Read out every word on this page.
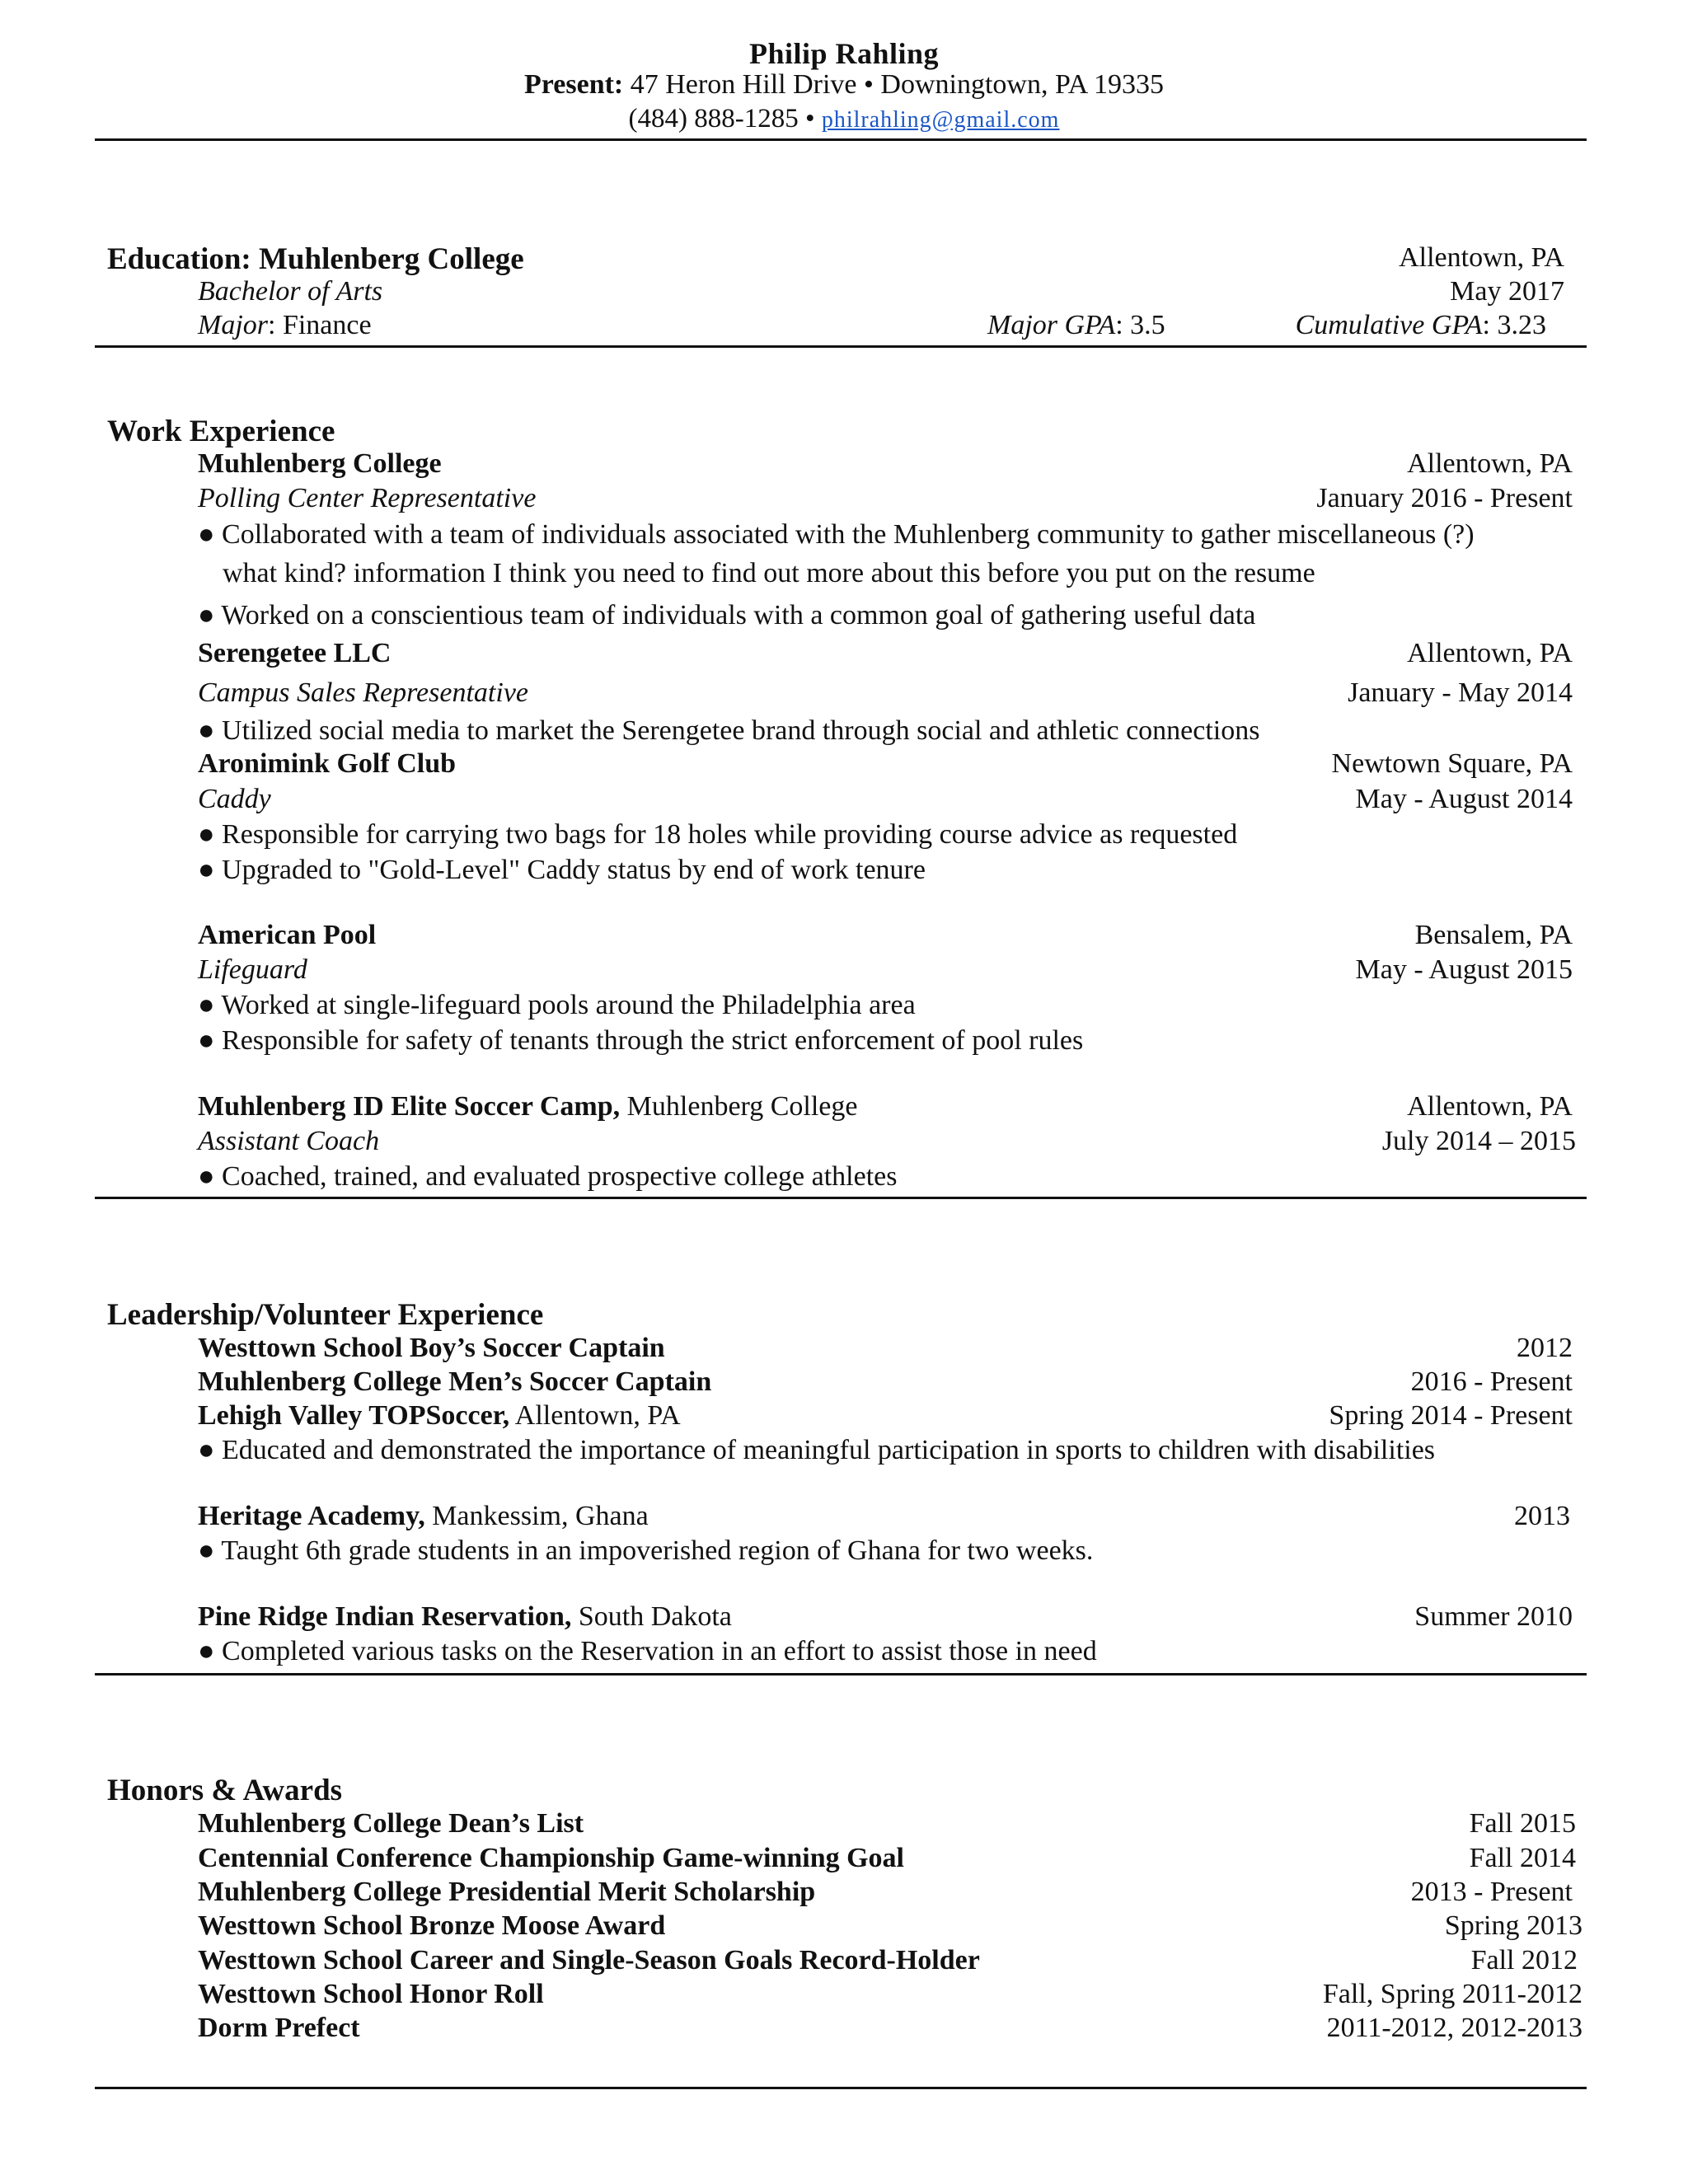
Philip Rahling
Present: 47 Heron Hill Drive • Downingtown, PA 19335
(484) 888-1285 • philrahling@gmail.com
Education: Muhlenberg College	Allentown, PA
Bachelor of Arts	May 2017
Major: Finance	Major GPA: 3.5	Cumulative GPA: 3.23
Work Experience
Muhlenberg College	Allentown, PA
Polling Center Representative	January 2016 - Present
● Collaborated with a team of individuals associated with the Muhlenberg community to gather miscellaneous (?)
what kind? information I think you need to find out more about this before you put on the resume
● Worked on a conscientious team of individuals with a common goal of gathering useful data
Serengetee LLC	Allentown, PA
Campus Sales Representative	January - May 2014
● Utilized social media to market the Serengetee brand through social and athletic connections
Aronimink Golf Club	Newtown Square, PA
Caddy	May - August 2014
● Responsible for carrying two bags for 18 holes while providing course advice as requested
● Upgraded to "Gold-Level" Caddy status by end of work tenure
American Pool	Bensalem, PA
Lifeguard	May - August 2015
● Worked at single-lifeguard pools around the Philadelphia area
● Responsible for safety of tenants through the strict enforcement of pool rules
Muhlenberg ID Elite Soccer Camp, Muhlenberg College	Allentown, PA
Assistant Coach	July 2014 – 2015
● Coached, trained, and evaluated prospective college athletes
Leadership/Volunteer Experience
Westtown School Boy’s Soccer Captain	2012
Muhlenberg College Men’s Soccer Captain	2016 - Present
Lehigh Valley TOPSoccer, Allentown, PA	Spring 2014 - Present
● Educated and demonstrated the importance of meaningful participation in sports to children with disabilities
Heritage Academy, Mankessim, Ghana	2013
● Taught 6th grade students in an impoverished region of Ghana for two weeks.
Pine Ridge Indian Reservation, South Dakota	Summer 2010
● Completed various tasks on the Reservation in an effort to assist those in need
Honors & Awards
Muhlenberg College Dean’s List	Fall 2015
Centennial Conference Championship Game-winning Goal	Fall 2014
Muhlenberg College Presidential Merit Scholarship	2013 - Present
Westtown School Bronze Moose Award	Spring 2013
Westtown School Career and Single-Season Goals Record-Holder	Fall 2012
Westtown School Honor Roll	Fall, Spring 2011-2012
Dorm Prefect	2011-2012, 2012-2013
